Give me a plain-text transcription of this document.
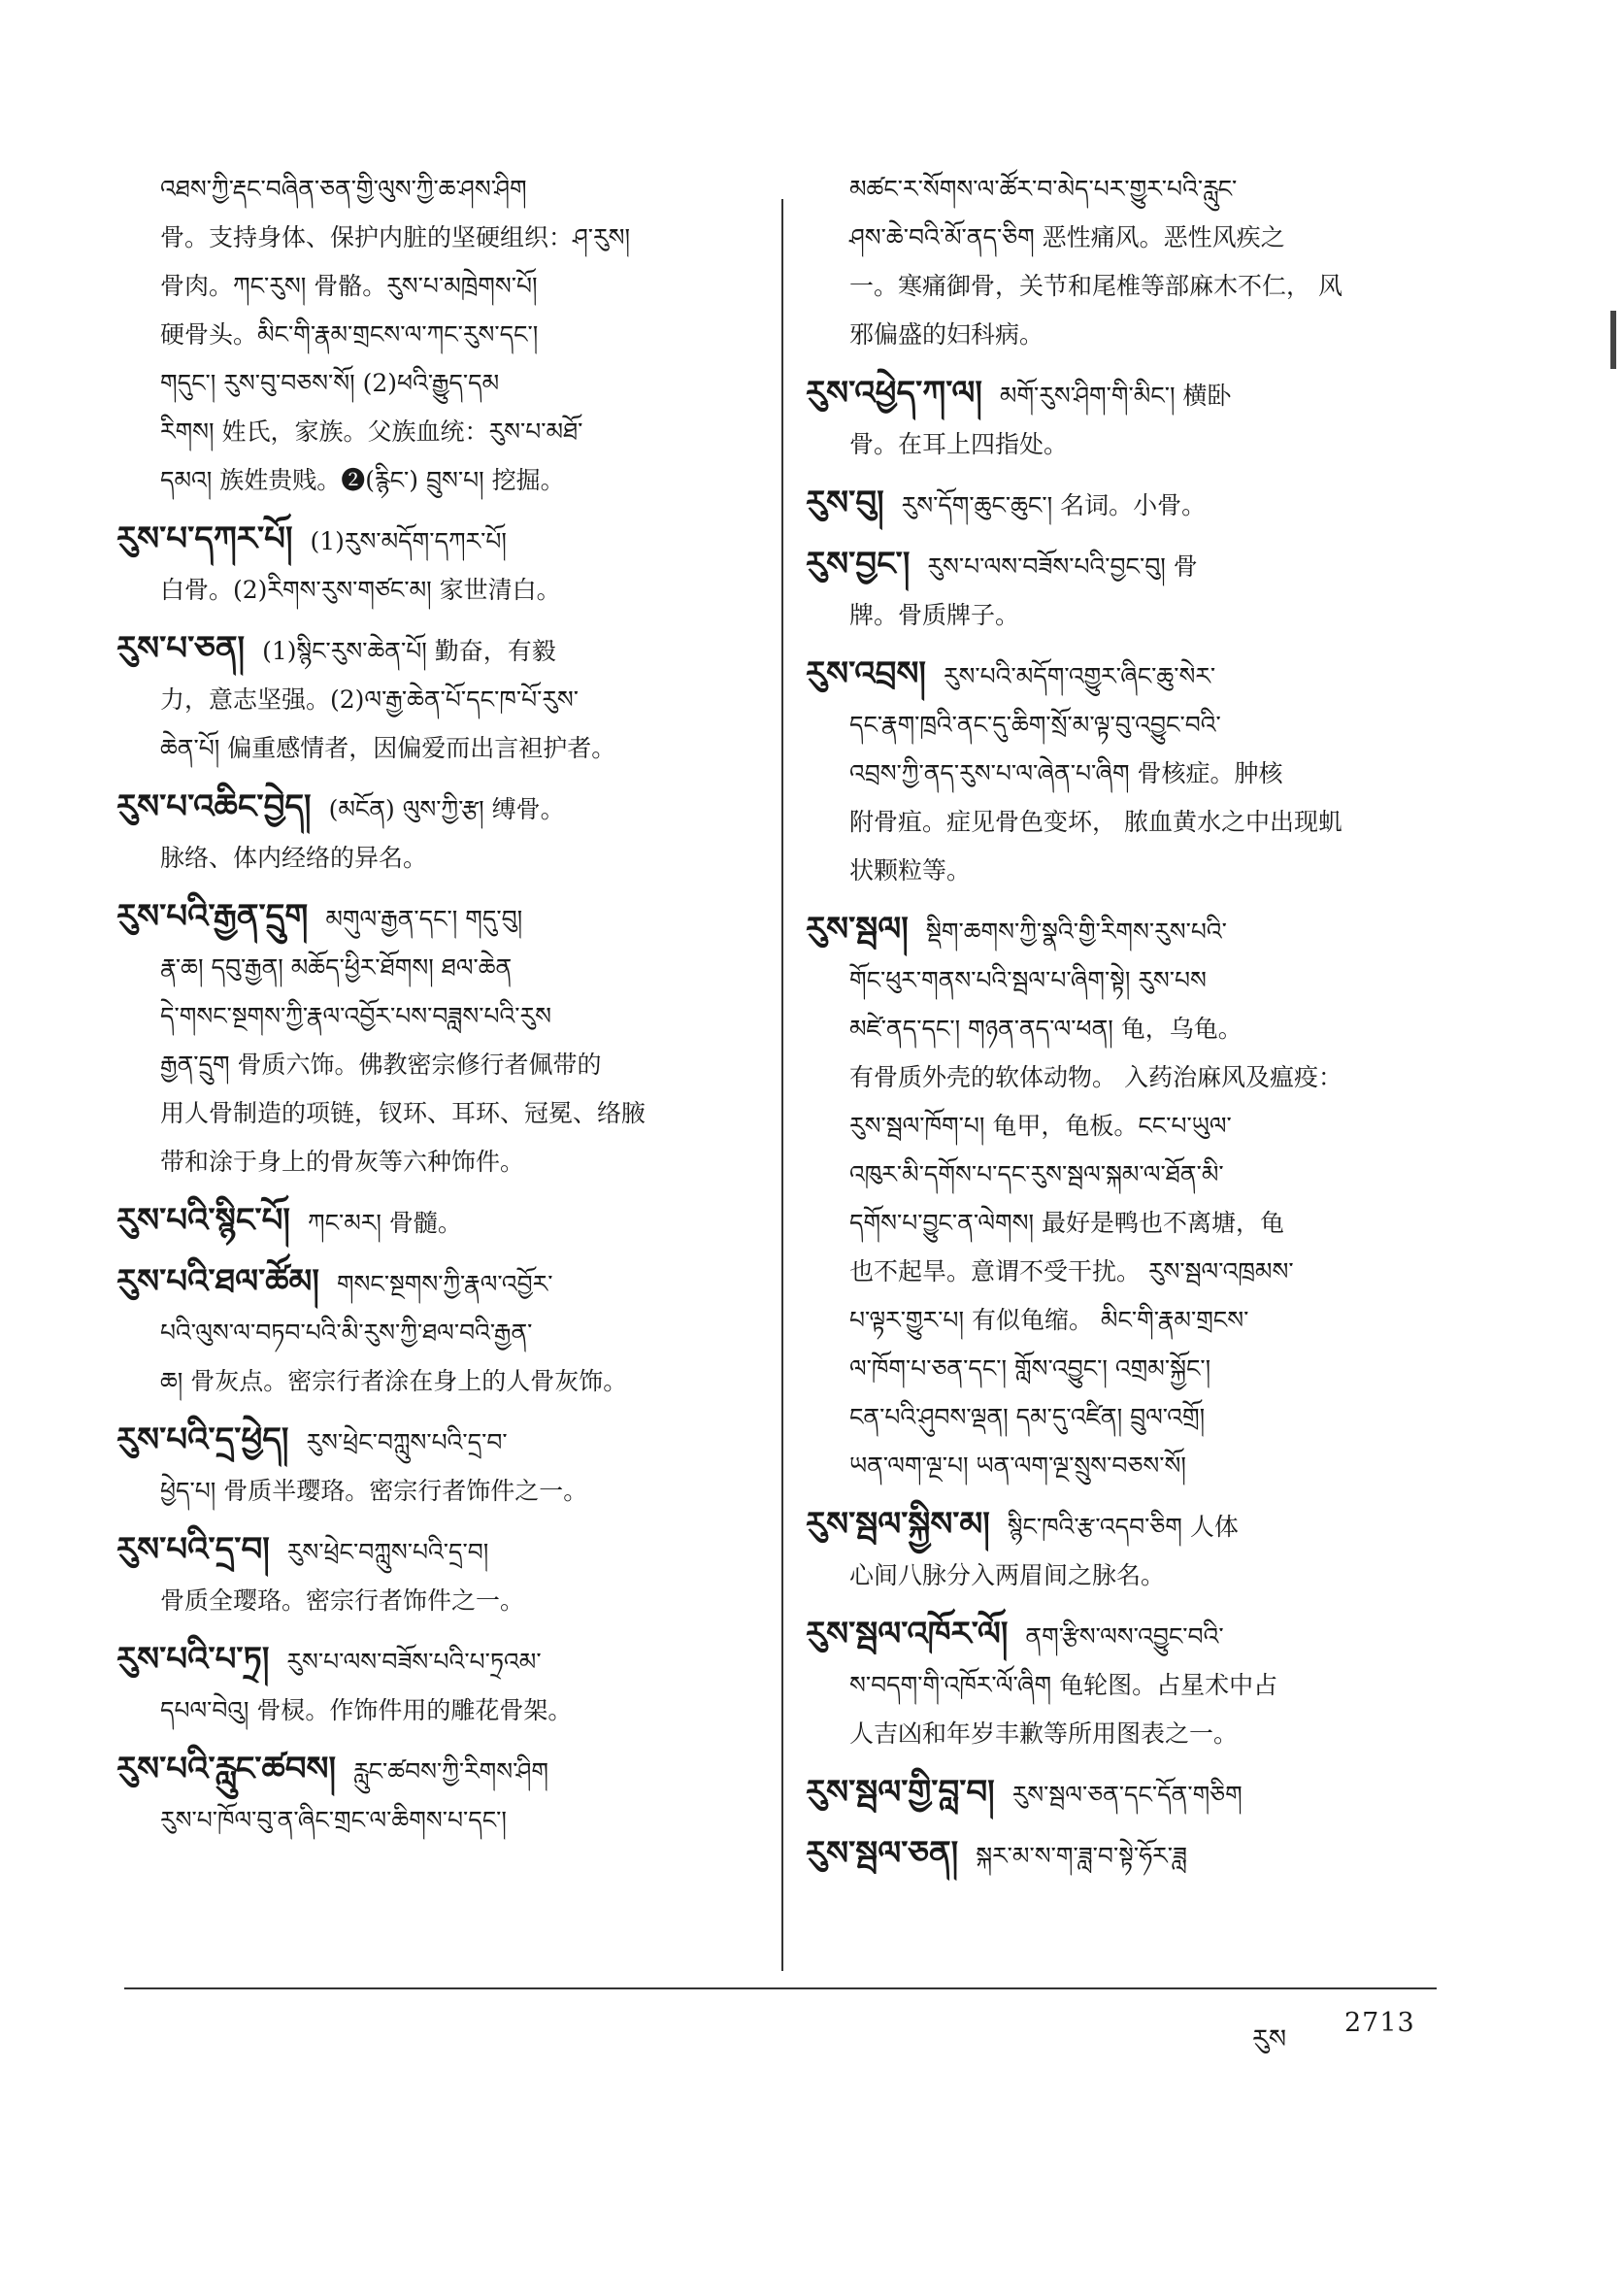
འཐས་ཀྱི་རྡང་བཞིན་ཅན་གྱི་ལུས་ཀྱི་ཆ་ཤས་ཤིག
骨。支持身体、保护内脏的坚硬组织：ཤ་རུས།
骨肉。ཀང་རུས། 骨骼。རུས་པ་མཁྲེགས་པོ།
硬骨头。མིང་གི་རྣམ་གྲངས་ལ་ཀང་རུས་དང་།
གདུང་། རུས་བུ་བཅས་སོ། (2)ཕའི་རྒྱུད་དམ
རིགས། 姓氏，家族。父族血统：རུས་པ་མཐོ་
དམའ། 族姓贵贱。❷(རྙིང་) བྲུས་པ། 挖掘。
རུས་པ་དཀར་པོ། (1)རུས་མདོག་དཀར་པོ།
白骨。(2)རིགས་རུས་གཙང་མ། 家世清白。
རུས་པ་ཅན། (1)སྙིང་རུས་ཆེན་པོ། 勤奋，有毅
力，意志坚强。(2)ལ་རྒྱ་ཆེན་པོ་དང་ཁ་པོ་རུས་
ཆེན་པོ། 偏重感情者，因偏爱而出言袒护者。
རུས་པ་འཆིང་བྱེད། (མངོན) ལུས་ཀྱི་རྩ། 缚骨。
脉络、体内经络的异名。
རུས་པའི་རྒྱན་དྲུག མགུལ་རྒྱན་དང་། གདུ་བུ།
རྣ་ཆ། དབུ་རྒྱན། མཆོད་ཕྱིར་ཐོགས། ཐལ་ཆེན
དེ་གསང་སྔགས་ཀྱི་རྣལ་འབྱོར་པས་བཟླས་པའི་རུས
རྒྱན་དྲུག 骨质六饰。佛教密宗修行者佩带的
用人骨制造的项链，钗环、耳环、冠冕、络腋
带和涂于身上的骨灰等六种饰件。
རུས་པའི་སྙིང་པོ། ཀང་མར། 骨髓。
རུས་པའི་ཐལ་ཚོམ། གསང་སྔགས་ཀྱི་རྣལ་འབྱོར་
པའི་ལུས་ལ་བཏབ་པའི་མི་རུས་ཀྱི་ཐལ་བའི་རྒྱན་
ཆ། 骨灰点。密宗行者涂在身上的人骨灰饰。
རུས་པའི་དྲ་ཕྱེད། རུས་ཕྲེང་བཀླུས་པའི་དྲ་བ་
ཕྱེད་པ། 骨质半璎珞。密宗行者饰件之一。
རུས་པའི་དྲ་བ། རུས་ཕྲེང་བཀླུས་པའི་དྲ་བ།
骨质全璎珞。密宗行者饰件之一。
རུས་པའི་པ་ཏྲ། རུས་པ་ལས་བཟོས་པའི་པ་ཏྲའམ་
དཔལ་བེའུ། 骨棂。作饰件用的雕花骨架。
རུས་པའི་རླུང་ཚབས། རླུང་ཚབས་ཀྱི་རིགས་ཤིག
རུས་པ་ཁོལ་བུ་ན་ཞིང་གྲང་ལ་ཆིགས་པ་དང་།
མཚང་ར་སོགས་ལ་ཚོར་བ་མེད་པར་གྱུར་པའི་རླུང་
ཤས་ཆེ་བའི་མོ་ནད་ཅིག 恶性痛风。恶性风疾之
一。寒痛御骨，关节和尾椎等部麻木不仁， 风
邪偏盛的妇科病。
རུས་འཕྱེད་ཀ་ལ། མགོ་རུས་ཤིག་གི་མིང་། 横卧
骨。在耳上四指处。
རུས་བུ། རུས་དོག་ཆུང་ཆུང་། 名词。小骨。
རུས་བྱང་། རུས་པ་ལས་བཟོས་པའི་བྱང་བུ། 骨
牌。骨质牌子。
རུས་འབྲས། རུས་པའི་མདོག་འགྱུར་ཞིང་ཆུ་སེར་
དང་རྣག་ཁྲའི་ནང་དུ་ཆིག་སྲོ་མ་ལྟ་བུ་འབྱུང་བའི་
འབྲས་ཀྱི་ནད་རུས་པ་ལ་ཞེན་པ་ཞིག 骨核症。肿核
附骨疽。症见骨色变坏， 脓血黄水之中出现虮
状颗粒等。
རུས་སྦལ། སྡིག་ཆགས་ཀྱི་སྣའི་གྱི་རིགས་རུས་པའི་
གོང་ཕུར་གནས་པའི་སྦལ་པ་ཞིག་སྟེ། རུས་པས
མཛེ་ནད་དང་། གཉན་ནད་ལ་ཕན། 龟，乌龟。
有骨质外壳的软体动物。 入药治麻风及瘟疫：
རུས་སྦལ་ཁོག་པ། 龟甲，龟板。ངང་པ་ཡུལ་
འཁུར་མི་དགོས་པ་དང་རུས་སྦལ་སྐམ་ལ་ཐོན་མི་
དགོས་པ་བྱུང་ན་ལེགས། 最好是鸭也不离塘，龟
也不起旱。意谓不受干扰。 རུས་སྦལ་འཁྲམས་
པ་ལྟར་གྱུར་པ། 有似龟缩。 མིང་གི་རྣམ་གྲངས་
ལ་ཁོག་པ་ཅན་དང་། གློས་འབྱུང་། འགྲམ་སྐྱོང་།
ངན་པའི་ཤུབས་ལྡན། དམ་དུ་འཛིན། བྲུལ་འགྲོ།
ཡན་ལག་ལྔ་པ། ཡན་ལག་ལྔ་སྲུས་བཅས་སོ།
རུས་སྦལ་སྐྱིས་མ། སྙིང་ཁའི་རྩ་འདབ་ཅིག 人体
心间八脉分入两眉间之脉名。
རུས་སྦལ་འཁོར་ལོ། ནག་རྩིས་ལས་འབྱུང་བའི་
ས་བདག་གི་འཁོར་ལོ་ཞིག 龟轮图。占星术中占
人吉凶和年岁丰歉等所用图表之一。
རུས་སྦལ་གྱི་བླ་བ། རུས་སྦལ་ཅན་དང་དོན་གཅིག
རུས་སྦལ་ཅན། སྐར་མ་ས་ག་ཟླ་བ་སྟེ་ཧོར་ཟླ
རུས
2713
